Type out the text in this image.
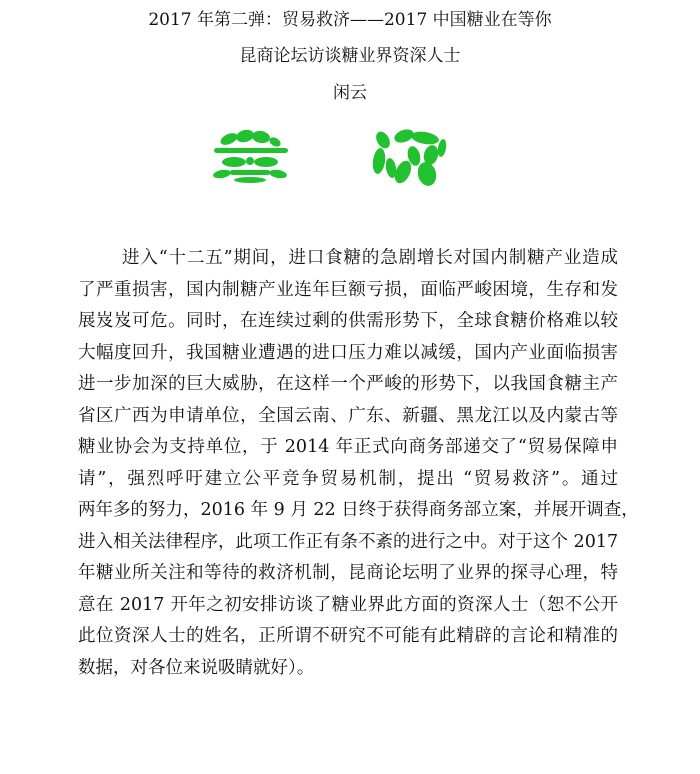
2017 年第二弹：贸易救济——2017 中国糖业在等你
昆商论坛访谈糖业界资深人士
闲云
进入“十二五”期间，进口食糖的急剧增长对国内制糖产业造成
了严重损害，国内制糖产业连年巨额亏损，面临严峻困境，生存和发
展岌岌可危。同时，在连续过剩的供需形势下，全球食糖价格难以较
大幅度回升，我国糖业遭遇的进口压力难以减缓，国内产业面临损害
进一步加深的巨大威胁，在这样一个严峻的形势下，以我国食糖主产
省区广西为申请单位，全国云南、广东、新疆、黑龙江以及内蒙古等
糖业协会为支持单位，于 2014 年正式向商务部递交了“贸易保障申
请”，强烈呼吁建立公平竞争贸易机制，提出 “贸易救济”。通过
两年多的努力，2016 年 9 月 22 日终于获得商务部立案，并展开调查，
进入相关法律程序，此项工作正有条不紊的进行之中。对于这个 2017
年糖业所关注和等待的救济机制，昆商论坛明了业界的探寻心理，特
意在 2017 开年之初安排访谈了糖业界此方面的资深人士（恕不公开
此位资深人士的姓名，正所谓不研究不可能有此精辟的言论和精准的
数据，对各位来说吸睛就好）。
